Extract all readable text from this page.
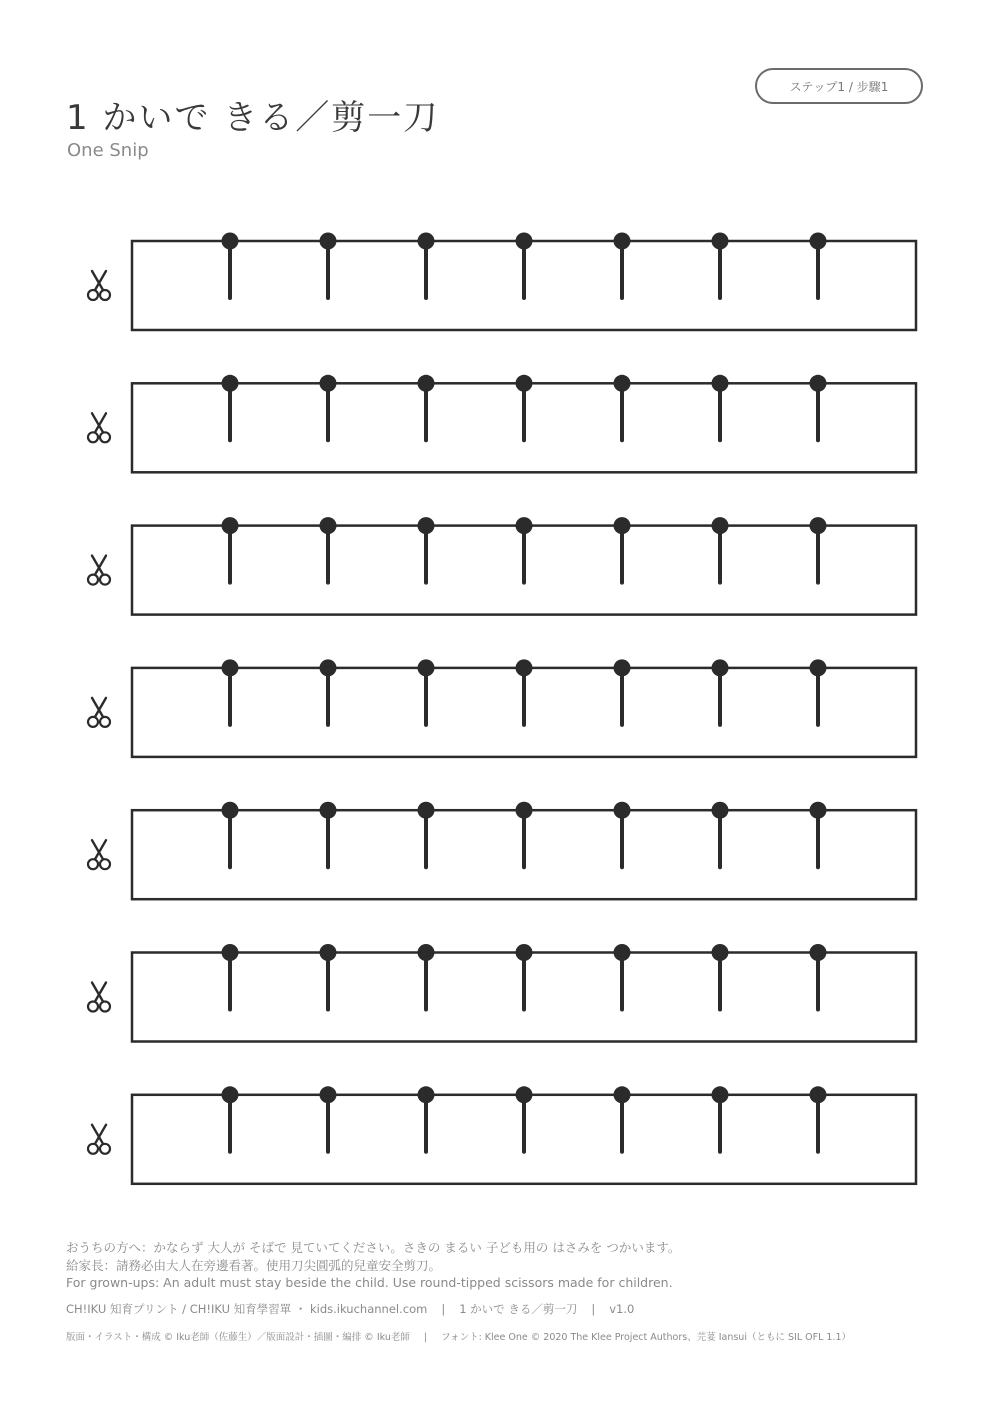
1 かいで きる／剪一刀
One Snip
ステップ1 / 步驟1
おうちの方へ：かならず 大人が そばで 見ていてください。さきの まるい 子ども用の はさみを つかいます。
給家長：請務必由大人在旁邊看著。使用刀尖圓弧的兒童安全剪刀。
For grown-ups: An adult must stay beside the child. Use round-tipped scissors made for children.
CH!IKU 知育プリント / CH!IKU 知育學習單 ・ kids.ikuchannel.com | 1 かいで きる／剪一刀 | v1.0
版面・イラスト・構成 © Iku老師（佐藤生）／版面設計・插圖・編排 © Iku老師 | フォント: Klee One © 2020 The Klee Project Authors、芫荽 Iansui（ともに SIL OFL 1.1）
